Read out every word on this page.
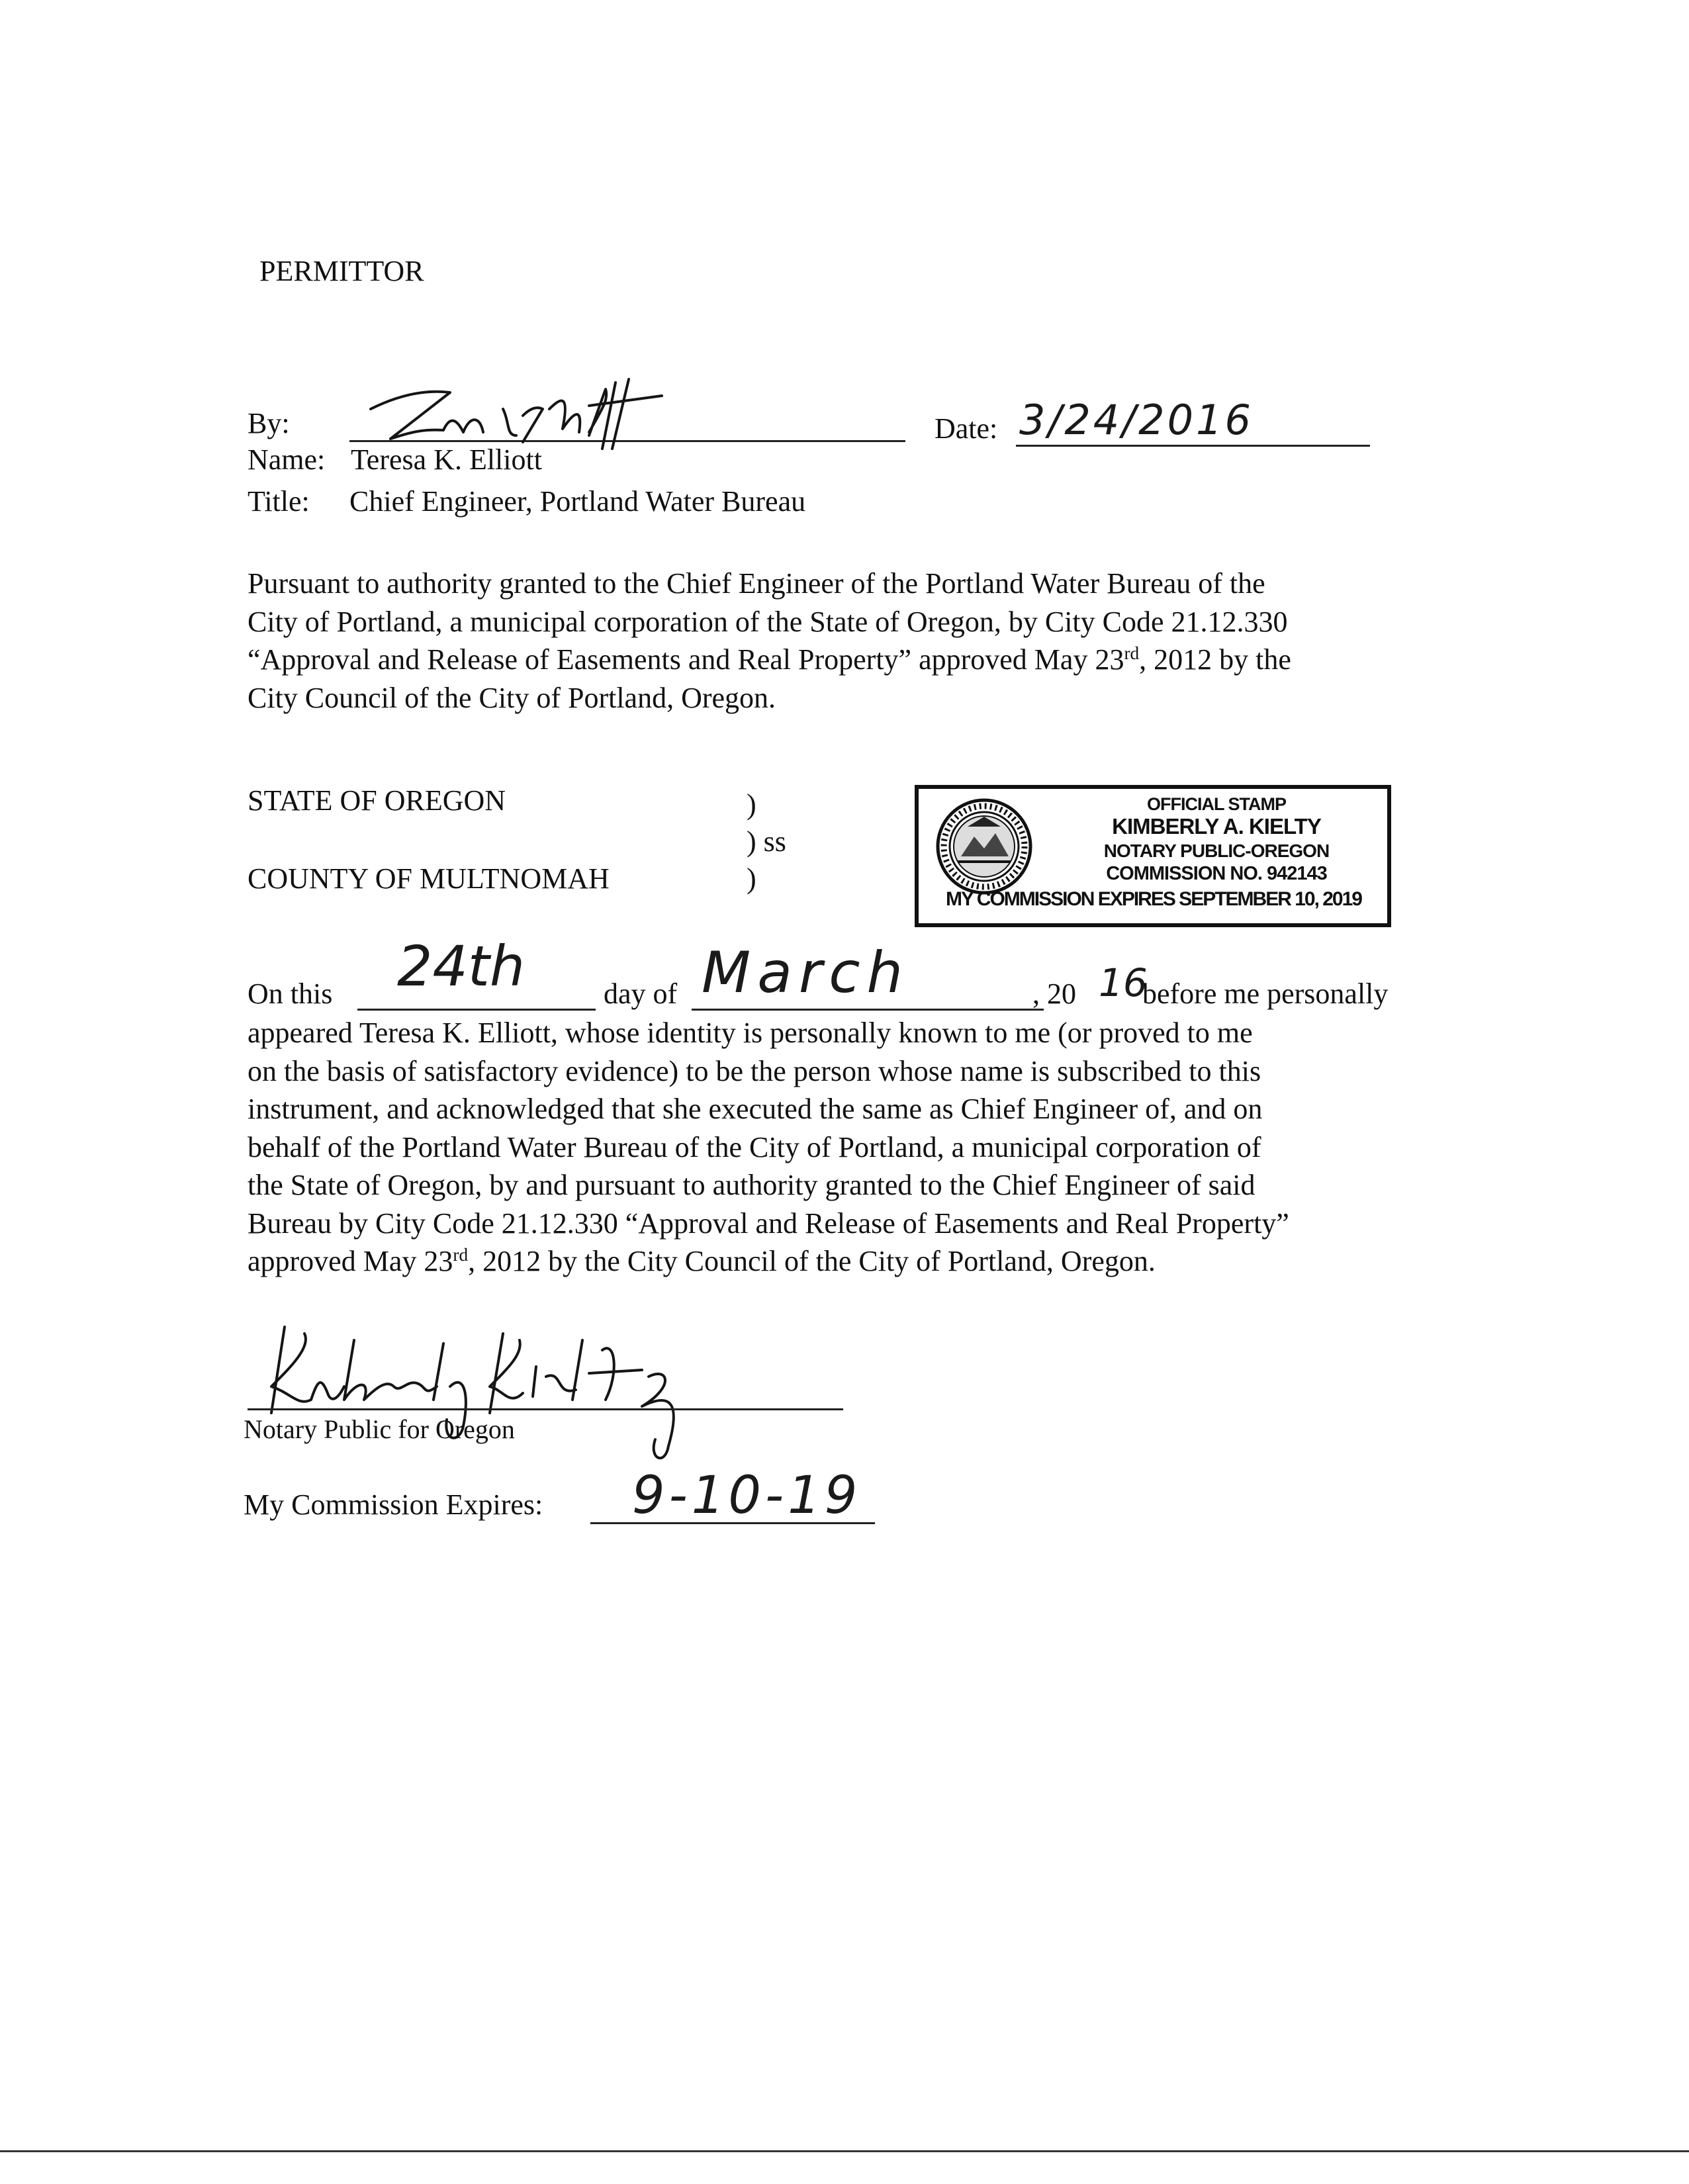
PERMITTOR
By:	Date: 3/24/2016
Name: Teresa K. Elliott
Title: Chief Engineer, Portland Water Bureau
Pursuant to authority granted to the Chief Engineer of the Portland Water Bureau of the
City of Portland, a municipal corporation of the State of Oregon, by City Code 21.12.330
“Approval and Release of Easements and Real Property” approved May 23rd, 2012 by the
City Council of the City of Portland, Oregon.
STATE OF OREGON
COUNTY OF MULTNOMAH
)
) ss
)
OFFICIAL STAMP
KIMBERLY A. KIELTY
NOTARY PUBLIC-OREGON
COMMISSION NO. 942143
MY COMMISSION EXPIRES SEPTEMBER 10, 2019
On this 24th	day of March	, 20 16
before me personally
appeared Teresa K. Elliott, whose identity is personally known to me (or proved to me
on the basis of satisfactory evidence) to be the person whose name is subscribed to this
instrument, and acknowledged that she executed the same as Chief Engineer of, and on
behalf of the Portland Water Bureau of the City of Portland, a municipal corporation of
the State of Oregon, by and pursuant to authority granted to the Chief Engineer of said
Bureau by City Code 21.12.330 “Approval and Release of Easements and Real Property”
approved May 23rd, 2012 by the City Council of the City of Portland, Oregon.
Notary Public for Oregon
My Commission Expires: 9-10-19
